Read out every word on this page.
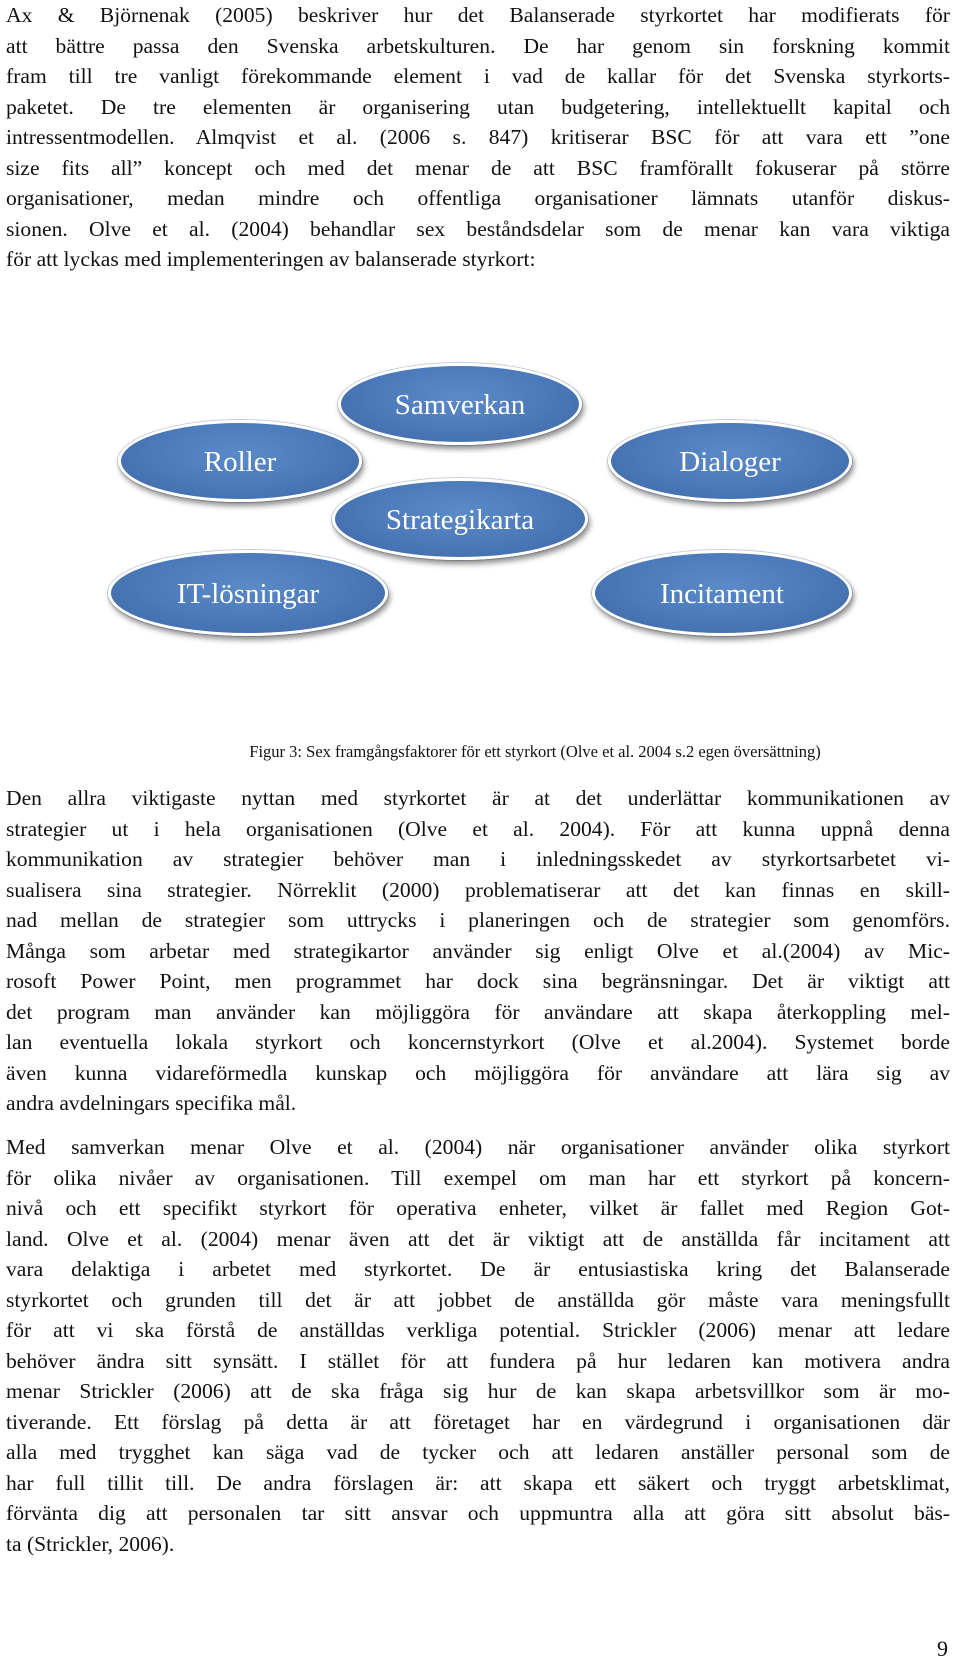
Ax & Björnenak (2005) beskriver hur det Balanserade styrkortet har modifierats för
att bättre passa den Svenska arbetskulturen. De har genom sin forskning kommit
fram till tre vanligt förekommande element i vad de kallar för det Svenska styrkorts-
paketet. De tre elementen är organisering utan budgetering, intellektuellt kapital och
intressentmodellen. Almqvist et al. (2006 s. 847) kritiserar BSC för att vara ett ”one
size fits all” koncept och med det menar de att BSC framförallt fokuserar på större
organisationer, medan mindre och offentliga organisationer lämnats utanför diskus-
sionen. Olve et al. (2004) behandlar sex beståndsdelar som de menar kan vara viktiga
för att lyckas med implementeringen av balanserade styrkort:

Samverkan
Roller	Dialoger
Strategikarta
IT-lösningar	Incitament
Figur 3: Sex framgångsfaktorer för ett styrkort (Olve et al. 2004 s.2 egen översättning)

Den allra viktigaste nyttan med styrkortet är at det underlättar kommunikationen av
strategier ut i hela organisationen (Olve et al. 2004). För att kunna uppnå denna
kommunikation av strategier behöver man i inledningsskedet av styrkortsarbetet vi-
sualisera sina strategier. Nörreklit (2000) problematiserar att det kan finnas en skill-
nad mellan de strategier som uttrycks i planeringen och de strategier som genomförs.
Många som arbetar med strategikartor använder sig enligt Olve et al.(2004) av Mic-
rosoft Power Point, men programmet har dock sina begränsningar. Det är viktigt att
det program man använder kan möjliggöra för användare att skapa återkoppling mel-
lan eventuella lokala styrkort och koncernstyrkort (Olve et al.2004). Systemet borde
även kunna vidareförmedla kunskap och möjliggöra för användare att lära sig av
andra avdelningars specifika mål.

Med samverkan menar Olve et al. (2004) när organisationer använder olika styrkort
för olika nivåer av organisationen. Till exempel om man har ett styrkort på koncern-
nivå och ett specifikt styrkort för operativa enheter, vilket är fallet med Region Got-
land. Olve et al. (2004) menar även att det är viktigt att de anställda får incitament att
vara delaktiga i arbetet med styrkortet. De är entusiastiska kring det Balanserade
styrkortet och grunden till det är att jobbet de anställda gör måste vara meningsfullt
för att vi ska förstå de anställdas verkliga potential. Strickler (2006) menar att ledare
behöver ändra sitt synsätt. I stället för att fundera på hur ledaren kan motivera andra
menar Strickler (2006) att de ska fråga sig hur de kan skapa arbetsvillkor som är mo-
tiverande. Ett förslag på detta är att företaget har en värdegrund i organisationen där
alla med trygghet kan säga vad de tycker och att ledaren anställer personal som de
har full tillit till. De andra förslagen är: att skapa ett säkert och tryggt arbetsklimat,
förvänta dig att personalen tar sitt ansvar och uppmuntra alla att göra sitt absolut bäs-
ta (Strickler, 2006).

9
